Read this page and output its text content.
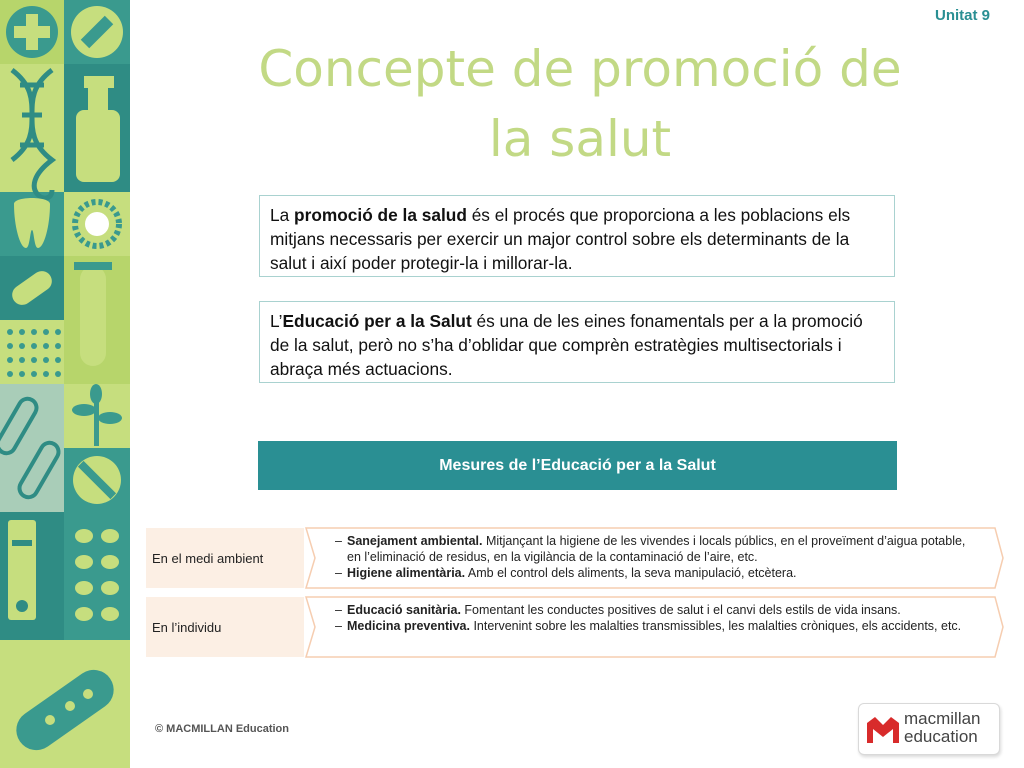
Unitat 9
Concepte de promoció de
la salut
La promoció de la salud és el procés que proporciona a les poblacions els mitjans necessaris per exercir un major control sobre els determinants de la salut i així poder protegir-la i millorar-la.
L’Educació per a la Salut és una de les eines fonamentals per a la promoció de la salut, però no s’ha d’oblidar que comprèn estratègies multisectorials i abraça més actuacions.
Mesures de l’Educació per a la Salut
En el medi ambient
– Sanejament ambiental. Mitjançant la higiene de les vivendes i locals públics, en el proveïment d’aigua potable, en l’eliminació de residus, en la vigilància de la contaminació de l’aire, etc.
– Higiene alimentària. Amb el control dels aliments, la seva manipulació, etcètera.
En l’individu
– Educació sanitària. Fomentant les conductes positives de salut i el canvi dels estils de vida insans.
– Medicina preventiva. Intervenint sobre les malalties transmissibles, les malalties cròniques, els accidents, etc.
© MACMILLAN Education
macmillan
education
